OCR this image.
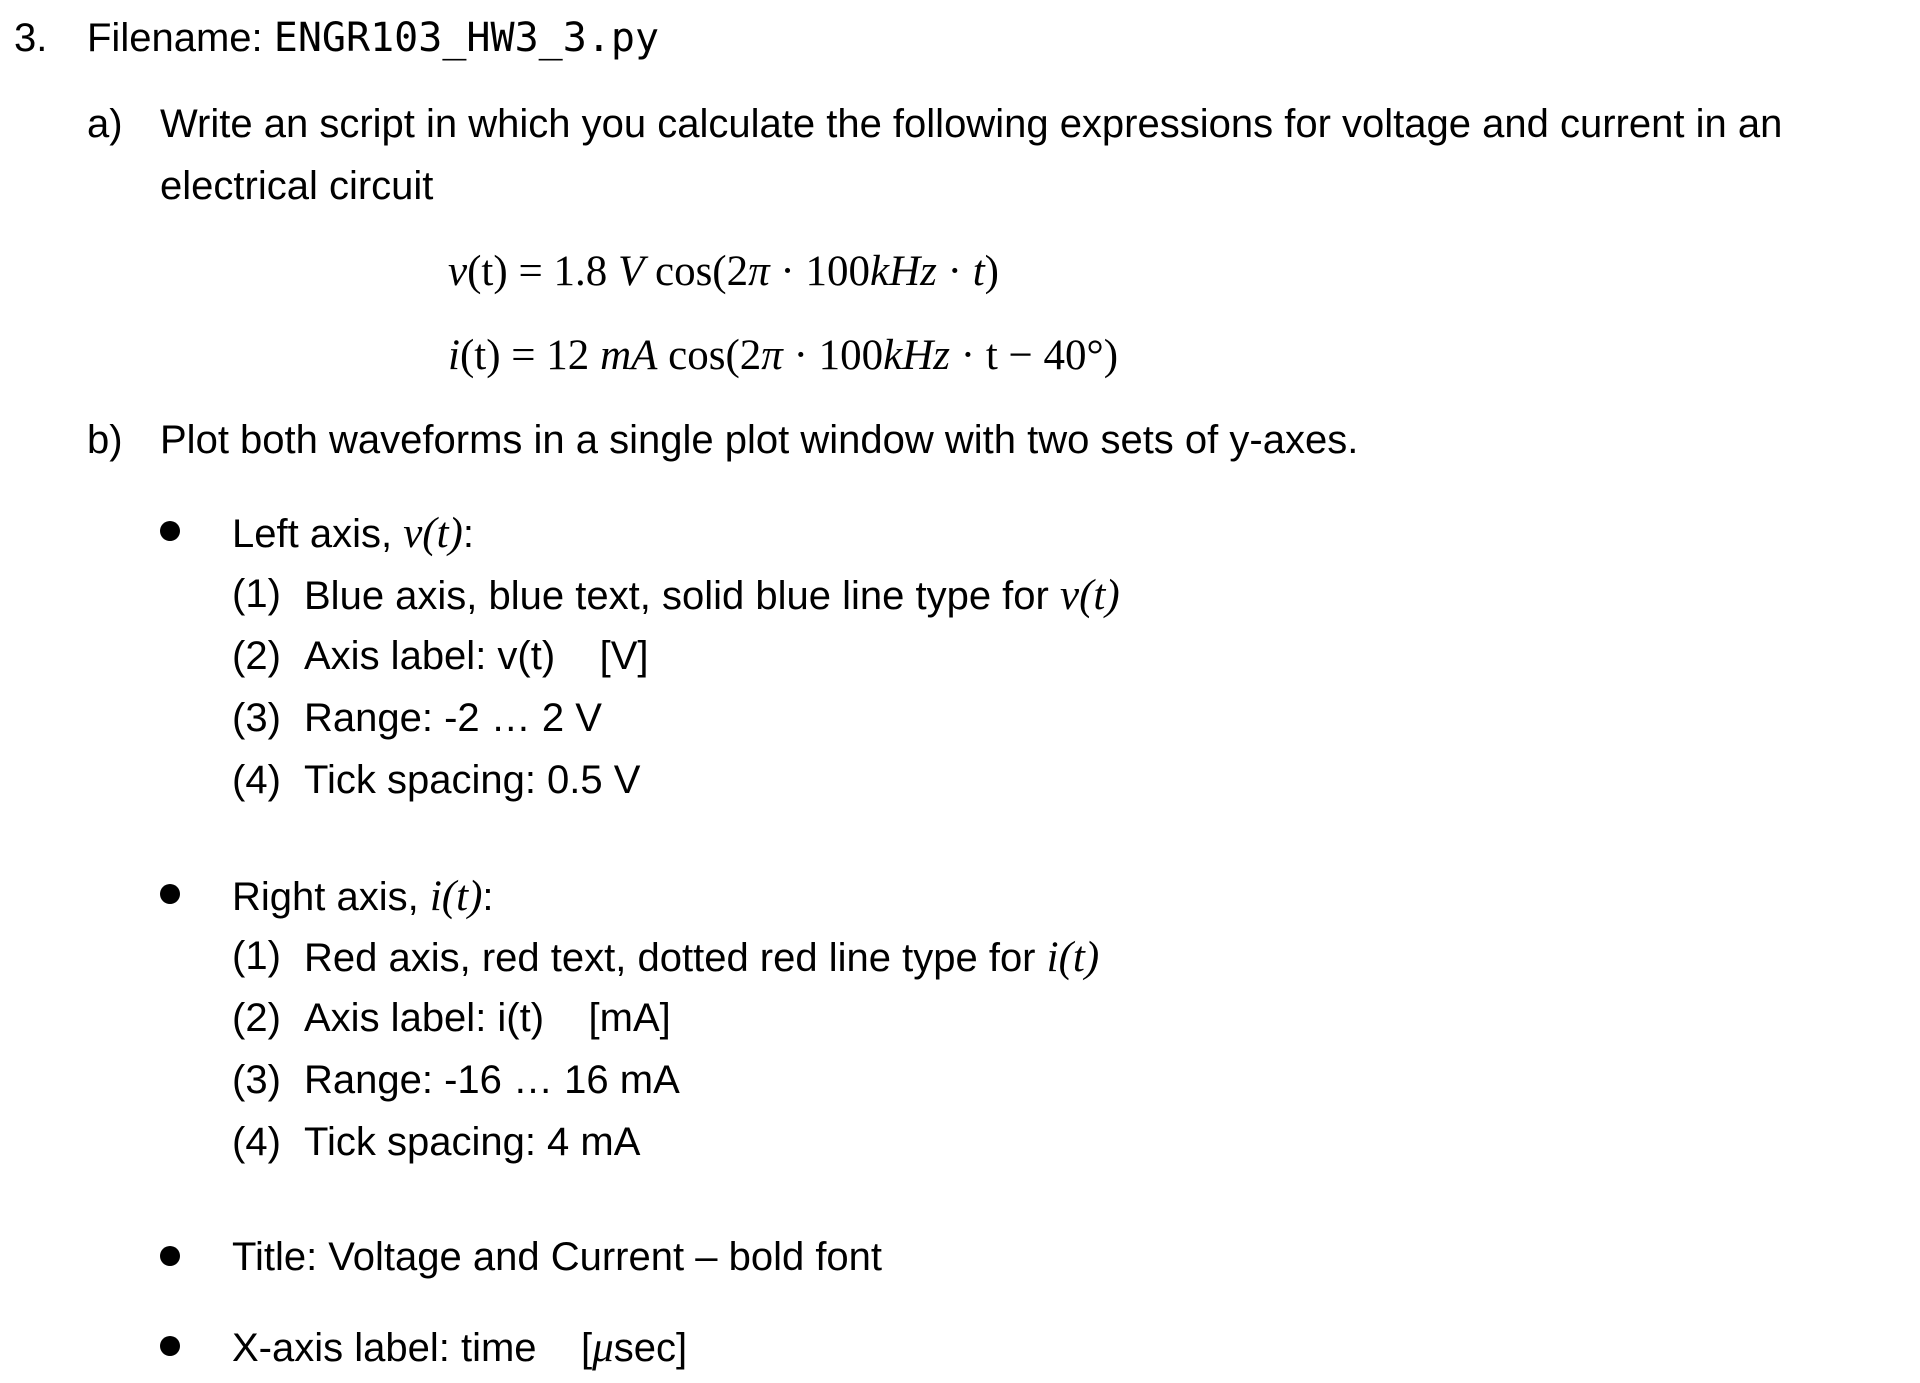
3. Filename: ENGR103_HW3_3.py
a) Write an script in which you calculate the following expressions for voltage and current in an
electrical circuit
v(t) = 1.8 V cos(2π · 100kHz · t)
i(t) = 12 mA cos(2π · 100kHz · t − 40°)
b) Plot both waveforms in a single plot window with two sets of y-axes.
Left axis, v(t):
(1) Blue axis, blue text, solid blue line type for v(t)
(2) Axis label: v(t)    [V]
(3) Range: -2 … 2 V
(4) Tick spacing: 0.5 V
Right axis, i(t):
(1) Red axis, red text, dotted red line type for i(t)
(2) Axis label: i(t)    [mA]
(3) Range: -16 … 16 mA
(4) Tick spacing: 4 mA
Title: Voltage and Current – bold font
X-axis label: time    [μsec]
